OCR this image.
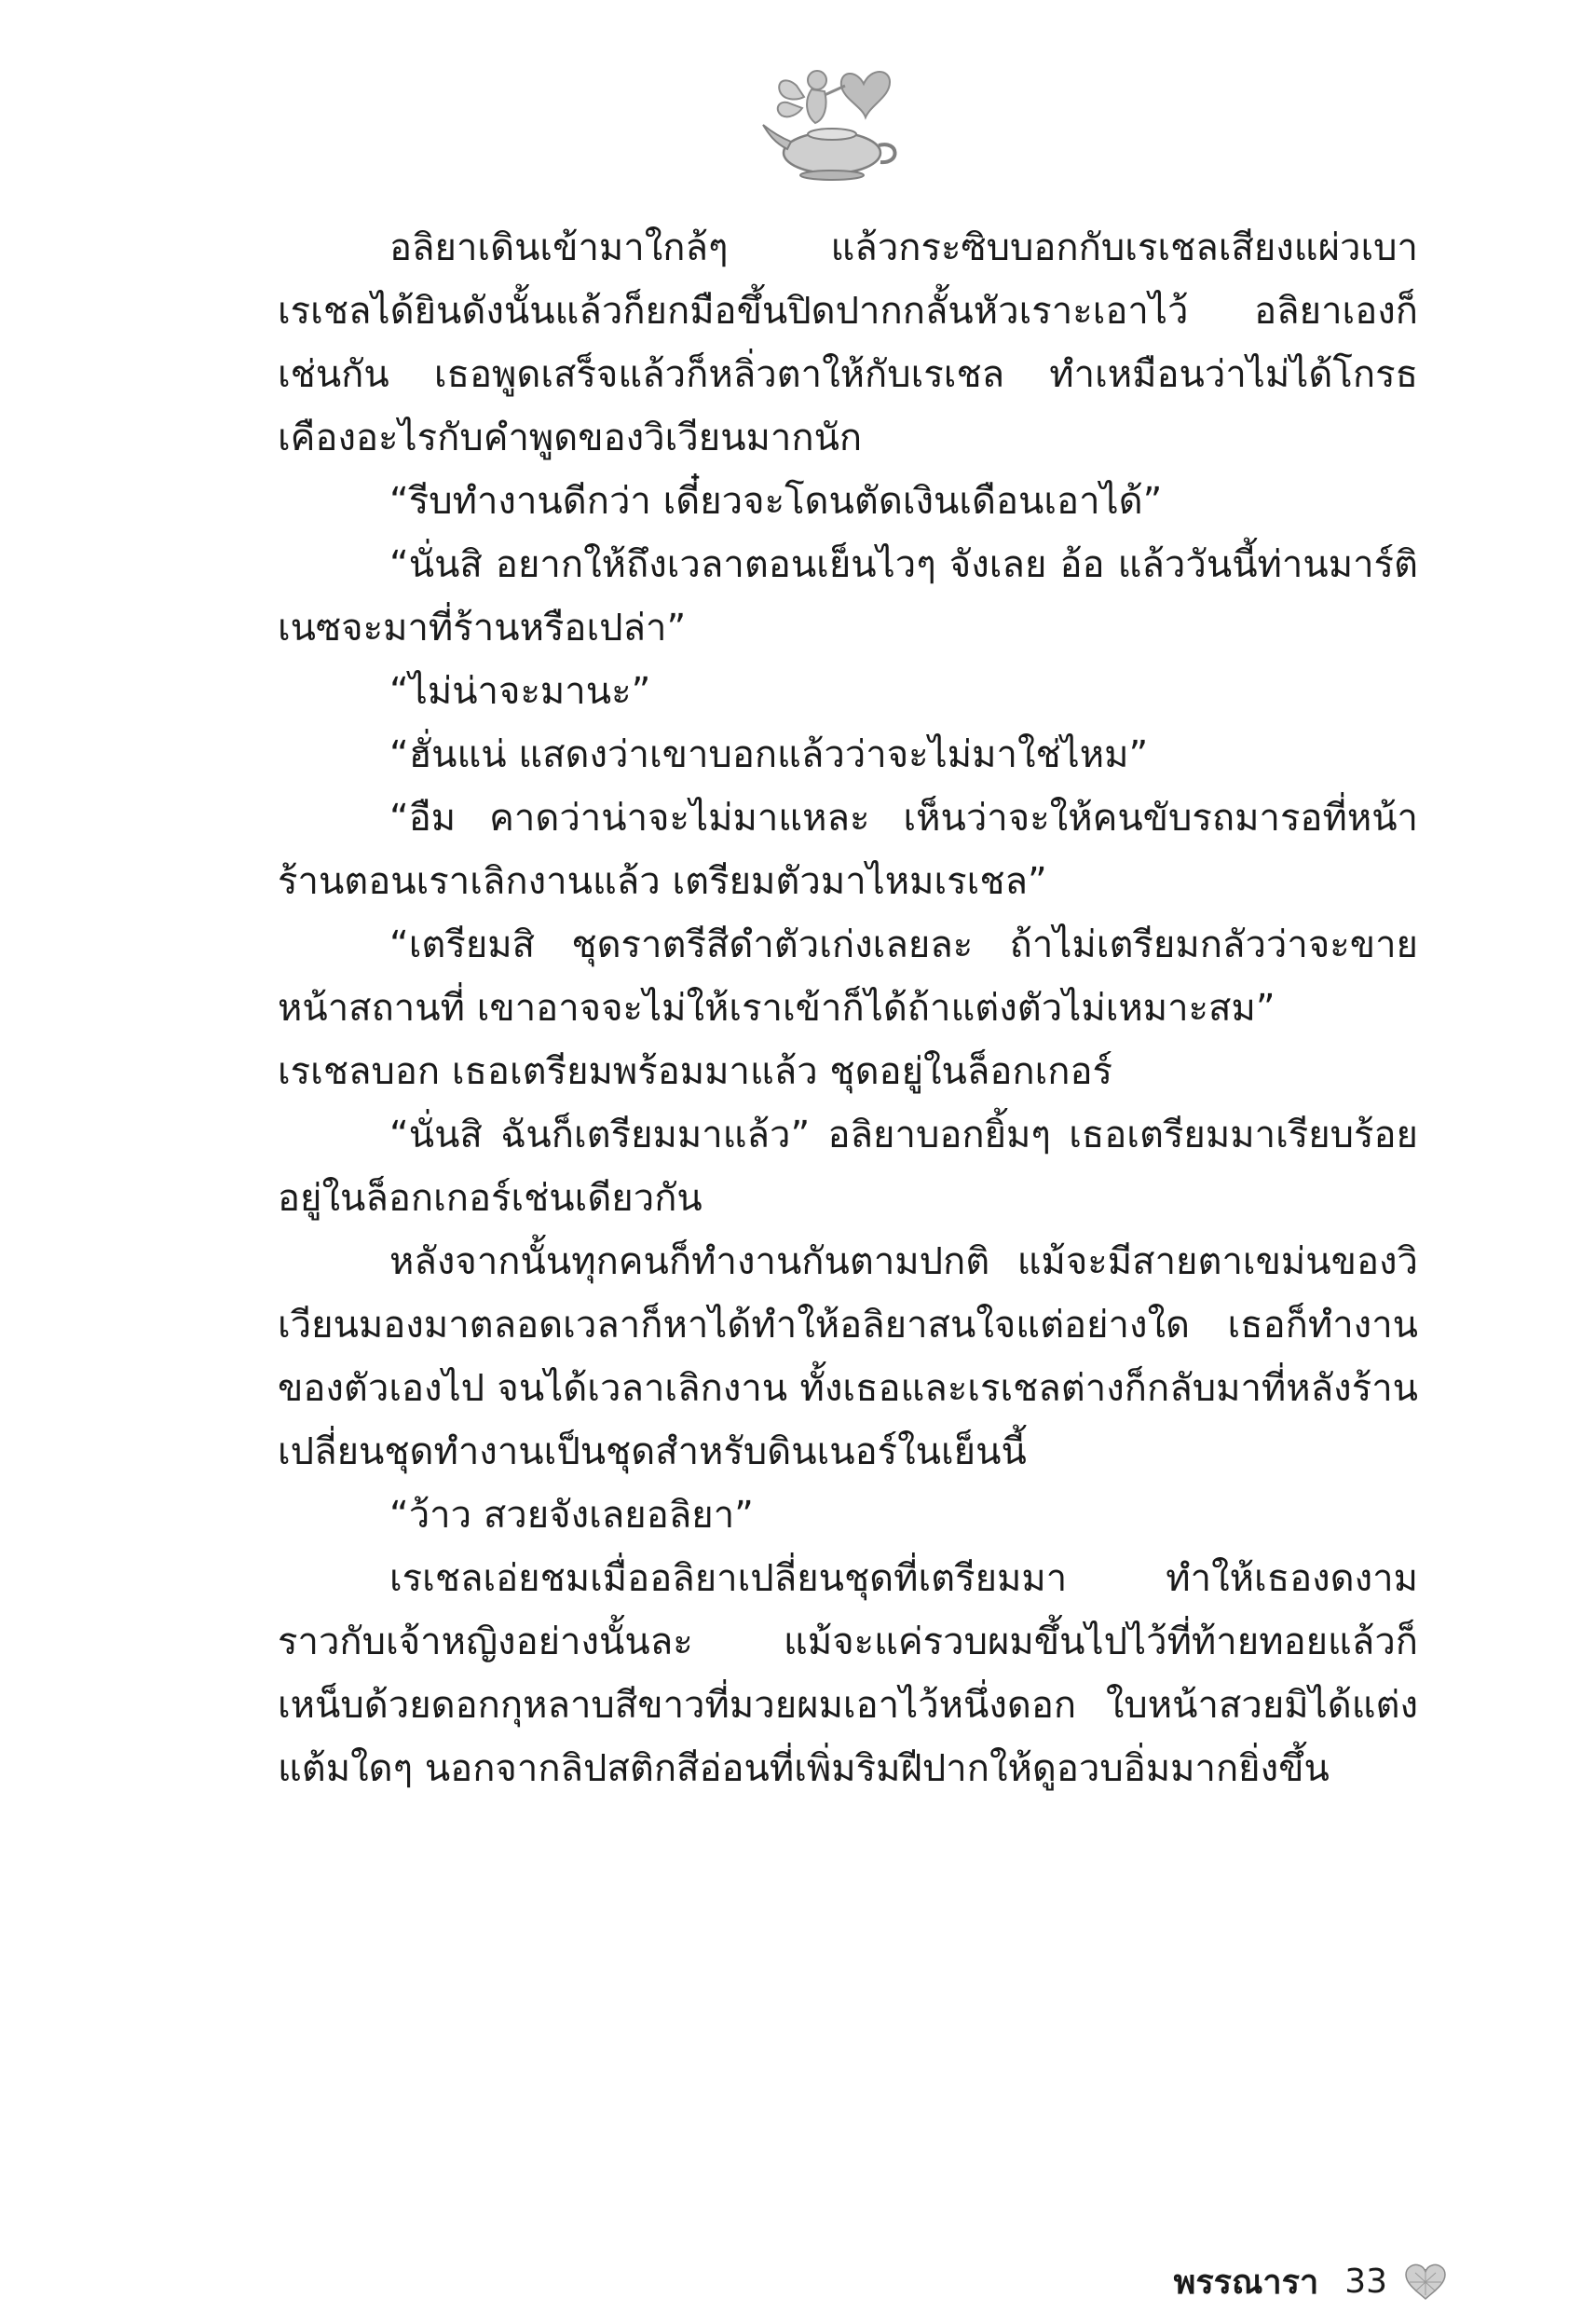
อลิยาเดินเข้ามาใกล้ๆ แล้วกระซิบบอกกับเรเชลเสียงแผ่วเบา เรเชลได้ยินดังนั้นแล้วก็ยกมือขึ้นปิดปากกลั้นหัวเราะเอาไว้ อลิยาเองก็เช่นกัน เธอพูดเสร็จแล้วก็หลิ่วตาให้กับเรเชล ทำเหมือนว่าไม่ได้โกรธเคืองอะไรกับคำพูดของวิเวียนมากนัก

“รีบทำงานดีกว่า เดี๋ยวจะโดนตัดเงินเดือนเอาได้”

“นั่นสิ อยากให้ถึงเวลาตอนเย็นไวๆ จังเลย อ้อ แล้ววันนี้ท่านมาร์ติเนซจะมาที่ร้านหรือเปล่า”

“ไม่น่าจะมานะ”

“ฮั่นแน่ แสดงว่าเขาบอกแล้วว่าจะไม่มาใช่ไหม”

“อืม คาดว่าน่าจะไม่มาแหละ เห็นว่าจะให้คนขับรถมารอที่หน้าร้านตอนเราเลิกงานแล้ว เตรียมตัวมาไหมเรเชล”

“เตรียมสิ ชุดราตรีสีดำตัวเก่งเลยละ ถ้าไม่เตรียมกลัวว่าจะขายหน้าสถานที่ เขาอาจจะไม่ให้เราเข้าก็ได้ถ้าแต่งตัวไม่เหมาะสม”

เรเชลบอก เธอเตรียมพร้อมมาแล้ว ชุดอยู่ในล็อกเกอร์

“นั่นสิ ฉันก็เตรียมมาแล้ว” อลิยาบอกยิ้มๆ เธอเตรียมมาเรียบร้อยอยู่ในล็อกเกอร์เช่นเดียวกัน

หลังจากนั้นทุกคนก็ทำงานกันตามปกติ แม้จะมีสายตาเขม่นของวิเวียนมองมาตลอดเวลาก็หาได้ทำให้อลิยาสนใจแต่อย่างใด เธอก็ทำงานของตัวเองไป จนได้เวลาเลิกงาน ทั้งเธอและเรเชลต่างก็กลับมาที่หลังร้าน เปลี่ยนชุดทำงานเป็นชุดสำหรับดินเนอร์ในเย็นนี้

“ว้าว สวยจังเลยอลิยา”

เรเชลเอ่ยชมเมื่ออลิยาเปลี่ยนชุดที่เตรียมมา ทำให้เธองดงามราวกับเจ้าหญิงอย่างนั้นละ แม้จะแค่รวบผมขึ้นไปไว้ที่ท้ายทอยแล้วก็เหน็บด้วยดอกกุหลาบสีขาวที่มวยผมเอาไว้หนึ่งดอก ใบหน้าสวยมิได้แต่งแต้มใดๆ นอกจากลิปสติกสีอ่อนที่เพิ่มริมฝีปากให้ดูอวบอิ่มมากยิ่งขึ้น

พรรณารา 33
